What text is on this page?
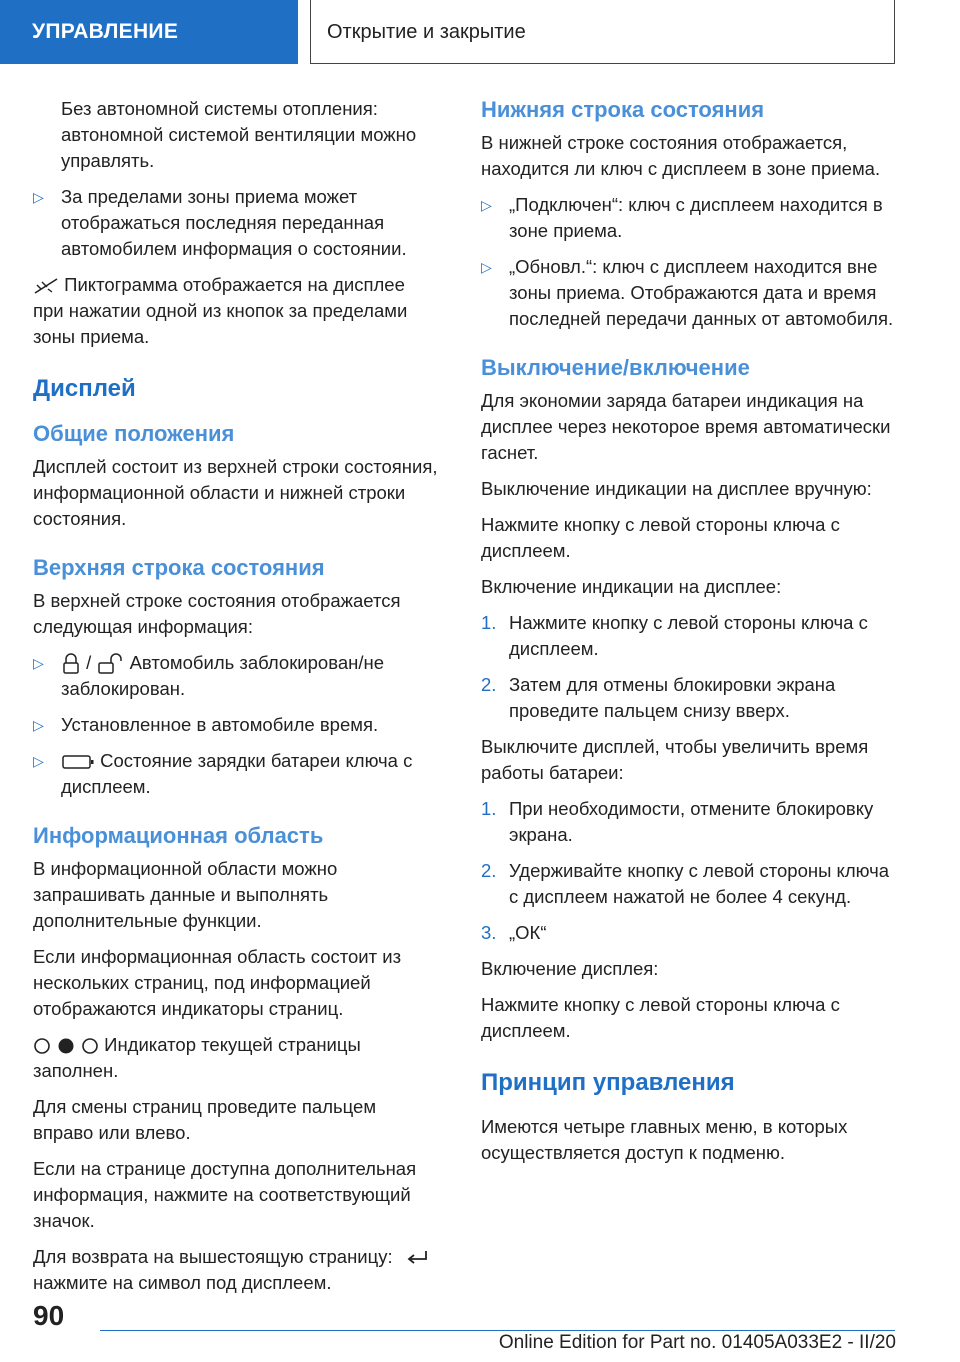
УПРАВЛЕНИЕ	Открытие и закрытие

Без автономной системы отопления: автономной системой вентиляции можно управлять.

▷ За пределами зоны приема может отображаться последняя переданная автомобилем информация о состоянии.

Пиктограмма отображается на дисплее при нажатии одной из кнопок за пределами зоны приема.

Дисплей
Общие положения

Дисплей состоит из верхней строки состояния, информационной области и нижней строки состояния.

Верхняя строка состояния

В верхней строке состояния отображается следующая информация:

▷ / Автомобиль заблокирован/не заблокирован.
▷ Установленное в автомобиле время.
▷	Состояние зарядки батареи ключа с дисплеем.
Информационная область

В информационной области можно запрашивать данные и выполнять дополнительные функции.

Если информационная область состоит из нескольких страниц, под информацией отображаются индикаторы страниц.

Индикатор текущей страницы заполнен.

Для смены страниц проведите пальцем вправо или влево.

Если на странице доступна дополнительная информация, нажмите на соответствующий значок.

Для возврата на вышестоящую страницу:
нажмите на символ под дисплеем.

Нижняя строка состояния

В нижней строке состояния отображается, находится ли ключ с дисплеем в зоне приема.

▷ „Подключен“: ключ с дисплеем находится в зоне приема.
▷ „Обновл.“: ключ с дисплеем находится вне зоны приема. Отображаются дата и время последней передачи данных от автомобиля.
Выключение/включение

Для экономии заряда батареи индикация на дисплее через некоторое время автоматически гаснет.

Выключение индикации на дисплее вручную:

Нажмите кнопку с левой стороны ключа с дисплеем.

Включение индикации на дисплее:

1. Нажмите кнопку с левой стороны ключа с дисплеем.
2. Затем для отмены блокировки экрана проведите пальцем снизу вверх.

Выключите дисплей, чтобы увеличить время работы батареи:

1. При необходимости, отмените блокировку экрана.
2. Удерживайте кнопку с левой стороны ключа с дисплеем нажатой не более 4 секунд.
3. „ОК“

Включение дисплея:

Нажмите кнопку с левой стороны ключа с дисплеем.

Принцип управления

Имеются четыре главных меню, в которых осуществляется доступ к подменю.

90
Online Edition for Part no. 01405A033E2 - II/20
